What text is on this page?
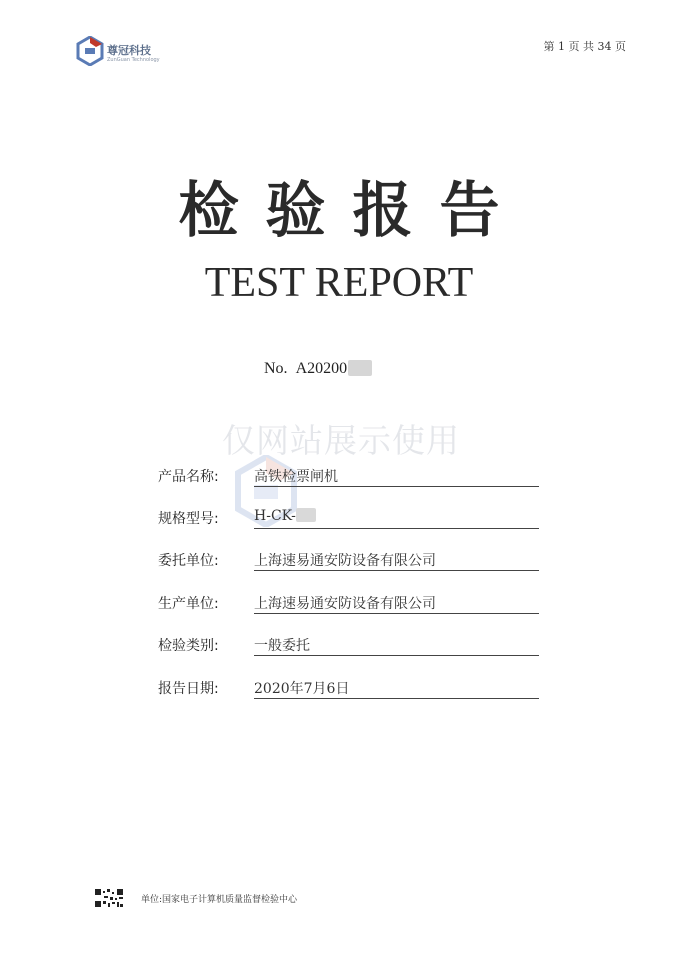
尊冠科技
ZunGuan Technology
第 1 页 共 34 页
检验报告
TEST REPORT
No. A20200
仅网站展示使用
产品名称:	高铁检票闸机
规格型号:	H-CK-
委托单位:	上海速易通安防设备有限公司
生产单位:	上海速易通安防设备有限公司
检验类别:	一般委托
报告日期:	2020年7月6日
单位:国家电子计算机质量监督检验中心
